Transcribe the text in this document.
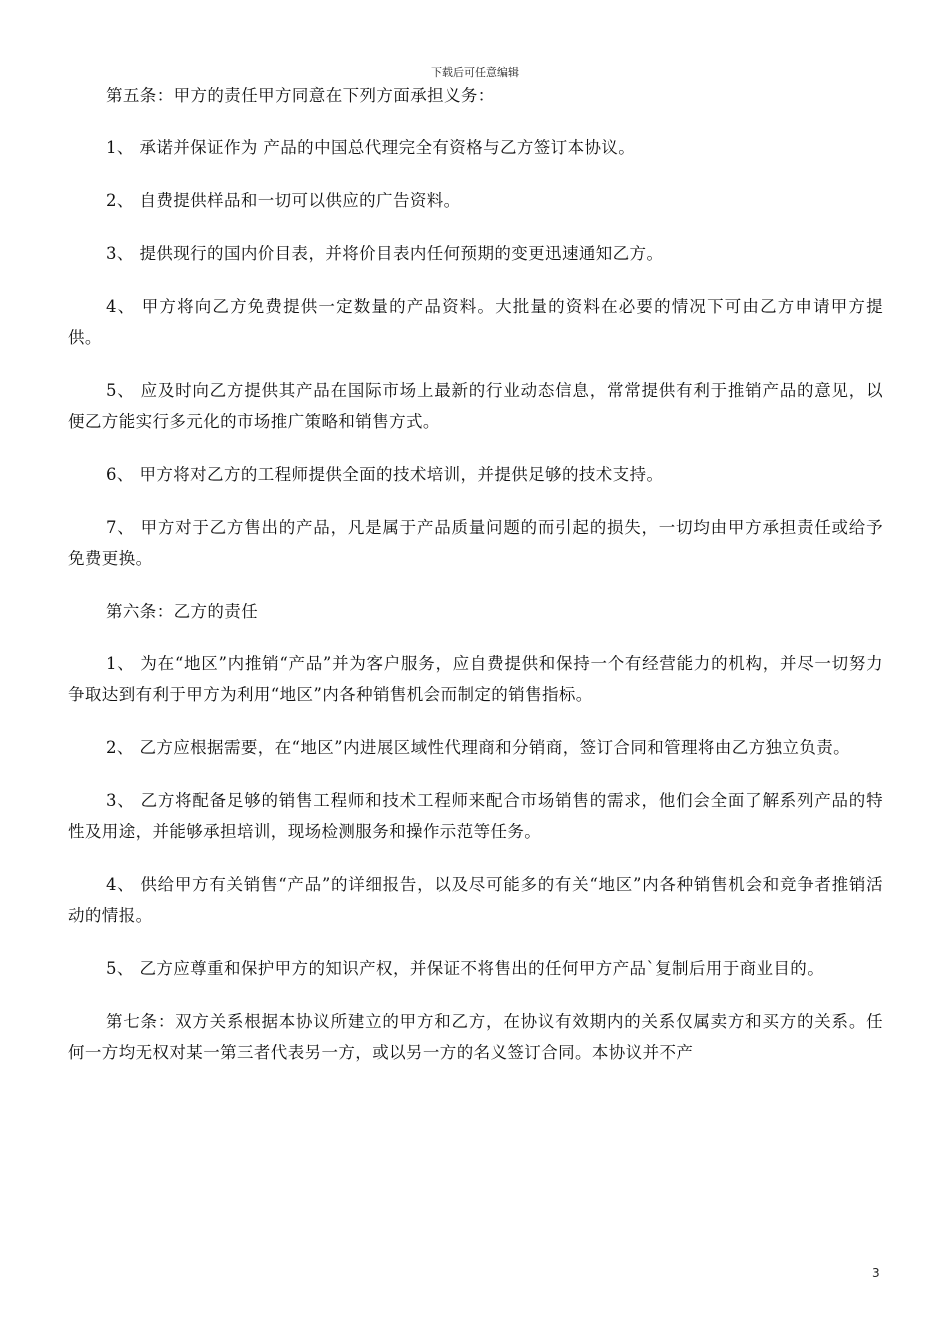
下载后可任意编辑

第五条：甲方的责任甲方同意在下列方面承担义务：

1、 承诺并保证作为 产品的中国总代理完全有资格与乙方签订本协议。

2、 自费提供样品和一切可以供应的广告资料。

3、 提供现行的国内价目表，并将价目表内任何预期的变更迅速通知乙方。

4、 甲方将向乙方免费提供一定数量的产品资料。大批量的资料在必要的情况下可由乙方申请甲方提供。

5、 应及时向乙方提供其产品在国际市场上最新的行业动态信息，常常提供有利于推销产品的意见，以便乙方能实行多元化的市场推广策略和销售方式。

6、 甲方将对乙方的工程师提供全面的技术培训，并提供足够的技术支持。

7、 甲方对于乙方售出的产品，凡是属于产品质量问题的而引起的损失，一切均由甲方承担责任或给予免费更换。

第六条：乙方的责任

1、 为在“地区”内推销“产品”并为客户服务，应自费提供和保持一个有经营能力的机构，并尽一切努力争取达到有利于甲方为利用“地区”内各种销售机会而制定的销售指标。

2、 乙方应根据需要，在“地区”内进展区域性代理商和分销商，签订合同和管理将由乙方独立负责。

3、 乙方将配备足够的销售工程师和技术工程师来配合市场销售的需求，他们会全面了解系列产品的特性及用途，并能够承担培训，现场检测服务和操作示范等任务。

4、 供给甲方有关销售“产品”的详细报告，以及尽可能多的有关“地区”内各种销售机会和竞争者推销活动的情报。

5、 乙方应尊重和保护甲方的知识产权，并保证不将售出的任何甲方产品`复制后用于商业目的。

第七条：双方关系根据本协议所建立的甲方和乙方，在协议有效期内的关系仅属卖方和买方的关系。任何一方均无权对某一第三者代表另一方，或以另一方的名义签订合同。本协议并不产

3
